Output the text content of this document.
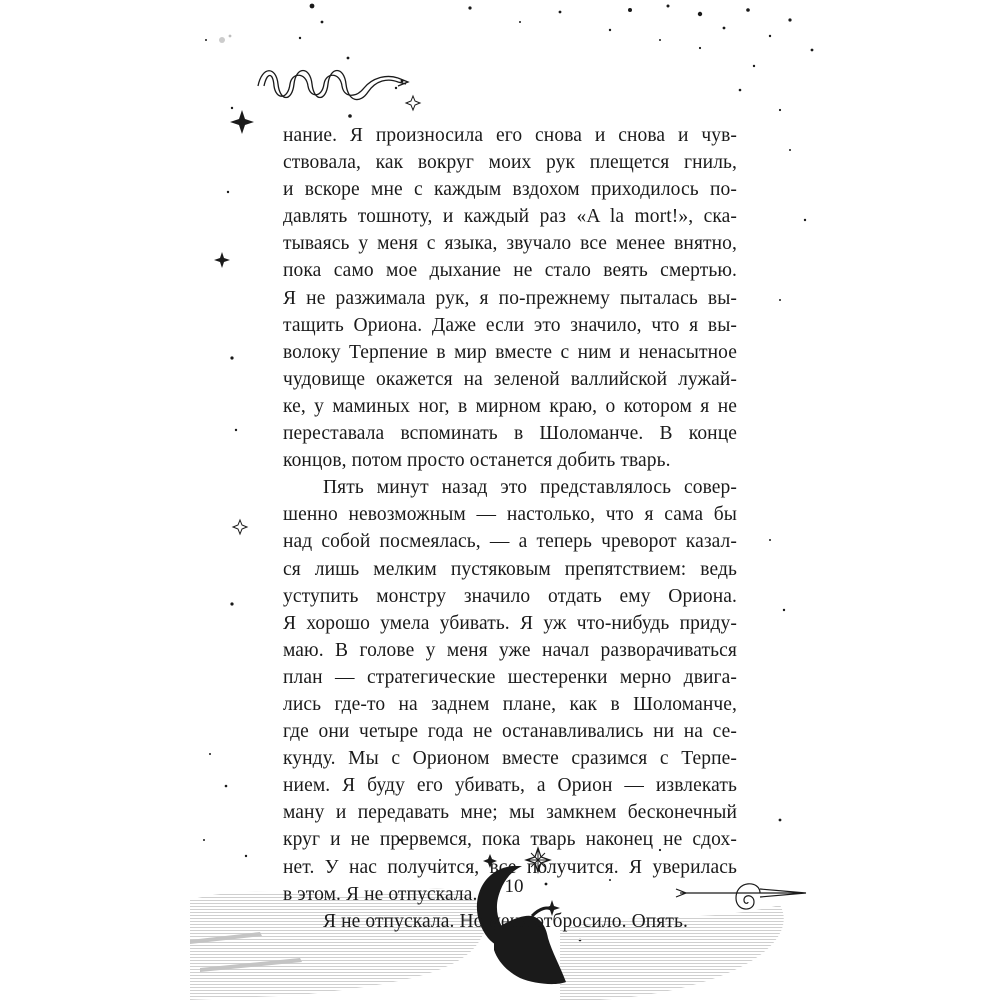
нание. Я произносила его снова и снова и чув-
ствовала, как вокруг моих рук плещется гниль,
и вскоре мне с каждым вздохом приходилось по-
давлять тошноту, и каждый раз «A la mort!», ска-
тываясь у меня с языка, звучало все менее внятно,
пока само мое дыхание не стало веять смертью.
Я не разжимала рук, я по-прежнему пыталась вы-
тащить Ориона. Даже если это значило, что я вы-
волоку Терпение в мир вместе с ним и ненасытное
чудовище окажется на зеленой валлийской лужай-
ке, у маминых ног, в мирном краю, о котором я не
переставала вспоминать в Шоломанче. В конце
концов, потом просто останется добить тварь.
Пять минут назад это представлялось совер-
шенно невозможным — настолько, что я сама бы
над собой посмеялась, — а теперь чреворот казал-
ся лишь мелким пустяковым препятствием: ведь
уступить монстру значило отдать ему Ориона.
Я хорошо умела убивать. Я уж что-нибудь приду-
маю. В голове у меня уже начал разворачиваться
план — стратегические шестеренки мерно двига-
лись где-то на заднем плане, как в Шоломанче,
где они четыре года не останавливались ни на се-
кунду. Мы с Орионом вместе сразимся с Терпе-
нием. Я буду его убивать, а Орион — извлекать
ману и передавать мне; мы замкнем бесконечный
круг и не прервемся, пока тварь наконец не сдох-
нет. У нас получится, все получится. Я уверилась
в этом. Я не отпускала.
Я не отпускала. Но меня отбросило. Опять.
10
